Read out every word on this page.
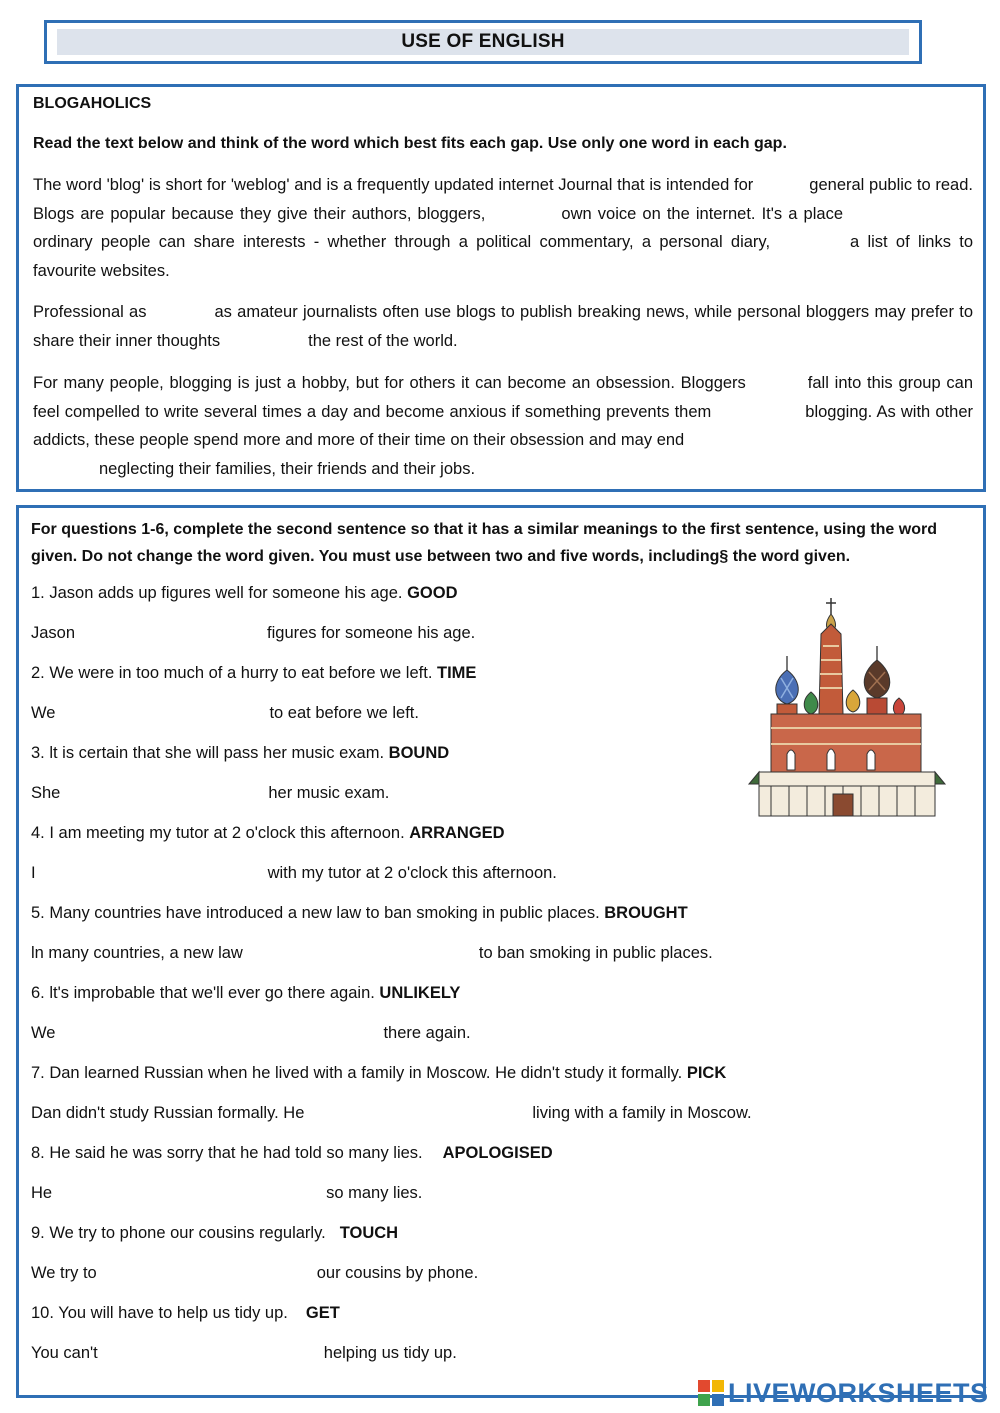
USE OF ENGLISH
BLOGAHOLICS
Read the text below and think of the word which best fits each gap. Use only one word in each gap.

The word 'blog' is short for 'weblog' and is a frequently updated internet Journal that is intended for	general public to read. Blogs are popular because they give their authors, bloggers,	own voice on the internet. It's a placeordinary people can share interests - whether through a political commentary, a personal diary,	a list of links to favourite websites.

Professional as	as amateur journalists often use blogs to publish breaking news, while personal bloggers may prefer to share their inner thoughts	the rest of the world.

For many people, blogging is just a hobby, but for others it can become an obsession. Bloggers	fall into this group can feel compelled to write several times a day and become anxious if something prevents them	blogging. As with other addicts, these people spend more and more of their time on their obsession and may end
neglecting their families, their friends and their jobs.

For questions 1-6, complete the second sentence so that it has a similar meanings to the first sentence, using the word given. Do not change the word given. You must use between two and five words, including§ the word given.

1. Jason adds up figures well for someone his age. GOOD
Jason	figures for someone his age.
2. We were in too much of a hurry to eat before we left. TIME
We	to eat before we left.
3. lt is certain that she will pass her music exam. BOUND
She	her music exam.
4. I am meeting my tutor at 2 o'clock this afternoon. ARRANGED
I	with my tutor at 2 o'clock this afternoon.
5. Many countries have introduced a new law to ban smoking in public places. BROUGHT
ln many countries, a new law	to ban smoking in public places.
6. lt's improbable that we'll ever go there again. UNLIKELY
We	there again.
7. Dan learned Russian when he lived with a family in Moscow. He didn't study it formally. PICK
Dan didn't study Russian formally. He	living with a family in Moscow.
8. He said he was sorry that he had told so many lies. APOLOGISED
He	so many lies.
9. We try to phone our cousins regularly. TOUCH
We try to	our cousins by phone.
10. You will have to help us tidy up. GET
You can't	helping us tidy up.
LIVEWORKSHEETS
